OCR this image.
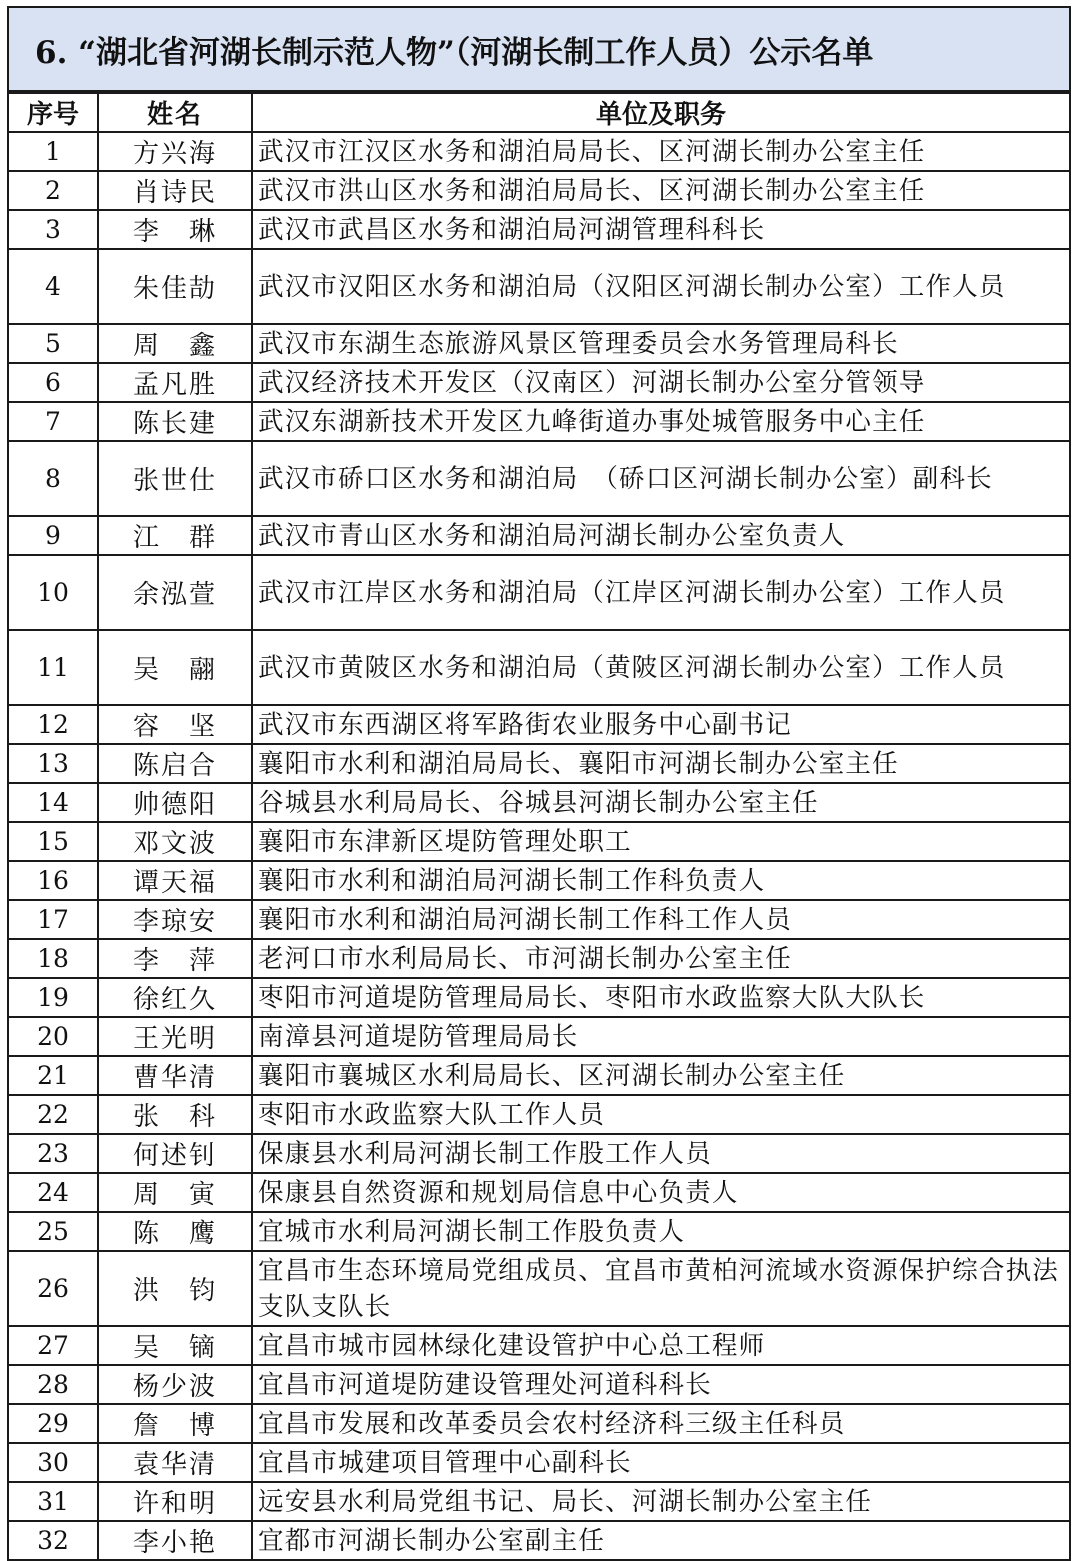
6. “湖北省河湖长制示范人物”（河湖长制工作人员）公示名单
序号	姓名	单位及职务
1	方兴海	武汉市江汉区水务和湖泊局局长、区河湖长制办公室主任
2	肖诗民	武汉市洪山区水务和湖泊局局长、区河湖长制办公室主任
3	李　琳	武汉市武昌区水务和湖泊局河湖管理科科长
4	朱佳劼	武汉市汉阳区水务和湖泊局（汉阳区河湖长制办公室）工作人员
5	周　鑫	武汉市东湖生态旅游风景区管理委员会水务管理局科长
6	孟凡胜	武汉经济技术开发区（汉南区）河湖长制办公室分管领导
7	陈长建	武汉东湖新技术开发区九峰街道办事处城管服务中心主任
8	张世仕	武汉市硚口区水务和湖泊局　（硚口区河湖长制办公室）副科长
9	江　群	武汉市青山区水务和湖泊局河湖长制办公室负责人
10	余泓萱	武汉市江岸区水务和湖泊局（江岸区河湖长制办公室）工作人员
11	吴　翮	武汉市黄陂区水务和湖泊局（黄陂区河湖长制办公室）工作人员
12	容　坚	武汉市东西湖区将军路街农业服务中心副书记
13	陈启合	襄阳市水利和湖泊局局长、襄阳市河湖长制办公室主任
14	帅德阳	谷城县水利局局长、谷城县河湖长制办公室主任
15	邓文波	襄阳市东津新区堤防管理处职工
16	谭天福	襄阳市水利和湖泊局河湖长制工作科负责人
17	李琼安	襄阳市水利和湖泊局河湖长制工作科工作人员
18	李　萍	老河口市水利局局长、市河湖长制办公室主任
19	徐红久	枣阳市河道堤防管理局局长、枣阳市水政监察大队大队长
20	王光明	南漳县河道堤防管理局局长
21	曹华清	襄阳市襄城区水利局局长、区河湖长制办公室主任
22	张　科	枣阳市水政监察大队工作人员
23	何述钊	保康县水利局河湖长制工作股工作人员
24	周　寅	保康县自然资源和规划局信息中心负责人
25	陈　鹰	宜城市水利局河湖长制工作股负责人
26	洪　钧	宜昌市生态环境局党组成员、宜昌市黄柏河流域水资源保护综合执法支队支队长
27	吴　镝	宜昌市城市园林绿化建设管护中心总工程师
28	杨少波	宜昌市河道堤防建设管理处河道科科长
29	詹　博	宜昌市发展和改革委员会农村经济科三级主任科员
30	袁华清	宜昌市城建项目管理中心副科长
31	许和明	远安县水利局党组书记、局长、河湖长制办公室主任
32	李小艳	宜都市河湖长制办公室副主任
